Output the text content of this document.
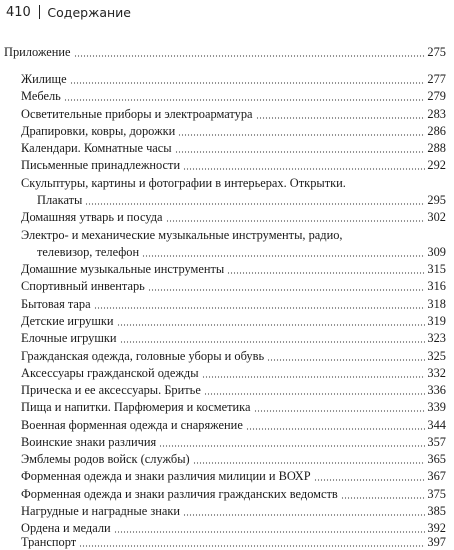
410 Содержание
Приложение	275
Жилище	277
Мебель	279
Осветительные приборы и электроарматура	283
Драпировки, ковры, дорожки	286
Календари. Комнатные часы	288
Письменные принадлежности	292
Скульптуры, картины и фотографии в интерьерах. Открытки.
Плакаты	295
Домашняя утварь и посуда	302
Электро- и механические музыкальные инструменты, радио,
телевизор, телефон	309
Домашние музыкальные инструменты	315
Спортивный инвентарь	316
Бытовая тара	318
Детские игрушки	319
Елочные игрушки	323
Гражданская одежда, головные уборы и обувь	325
Аксессуары гражданской одежды	332
Прическа и ее аксессуары. Бритье	336
Пища и напитки. Парфюмерия и косметика	339
Военная форменная одежда и снаряжение	344
Воинские знаки различия	357
Эмблемы родов войск (службы)	365
Форменная одежда и знаки различия милиции и ВОХР	367
Форменная одежда и знаки различия гражданских ведомств	375
Нагрудные и наградные знаки	385
Ордена и медали	392
Транспорт	397
